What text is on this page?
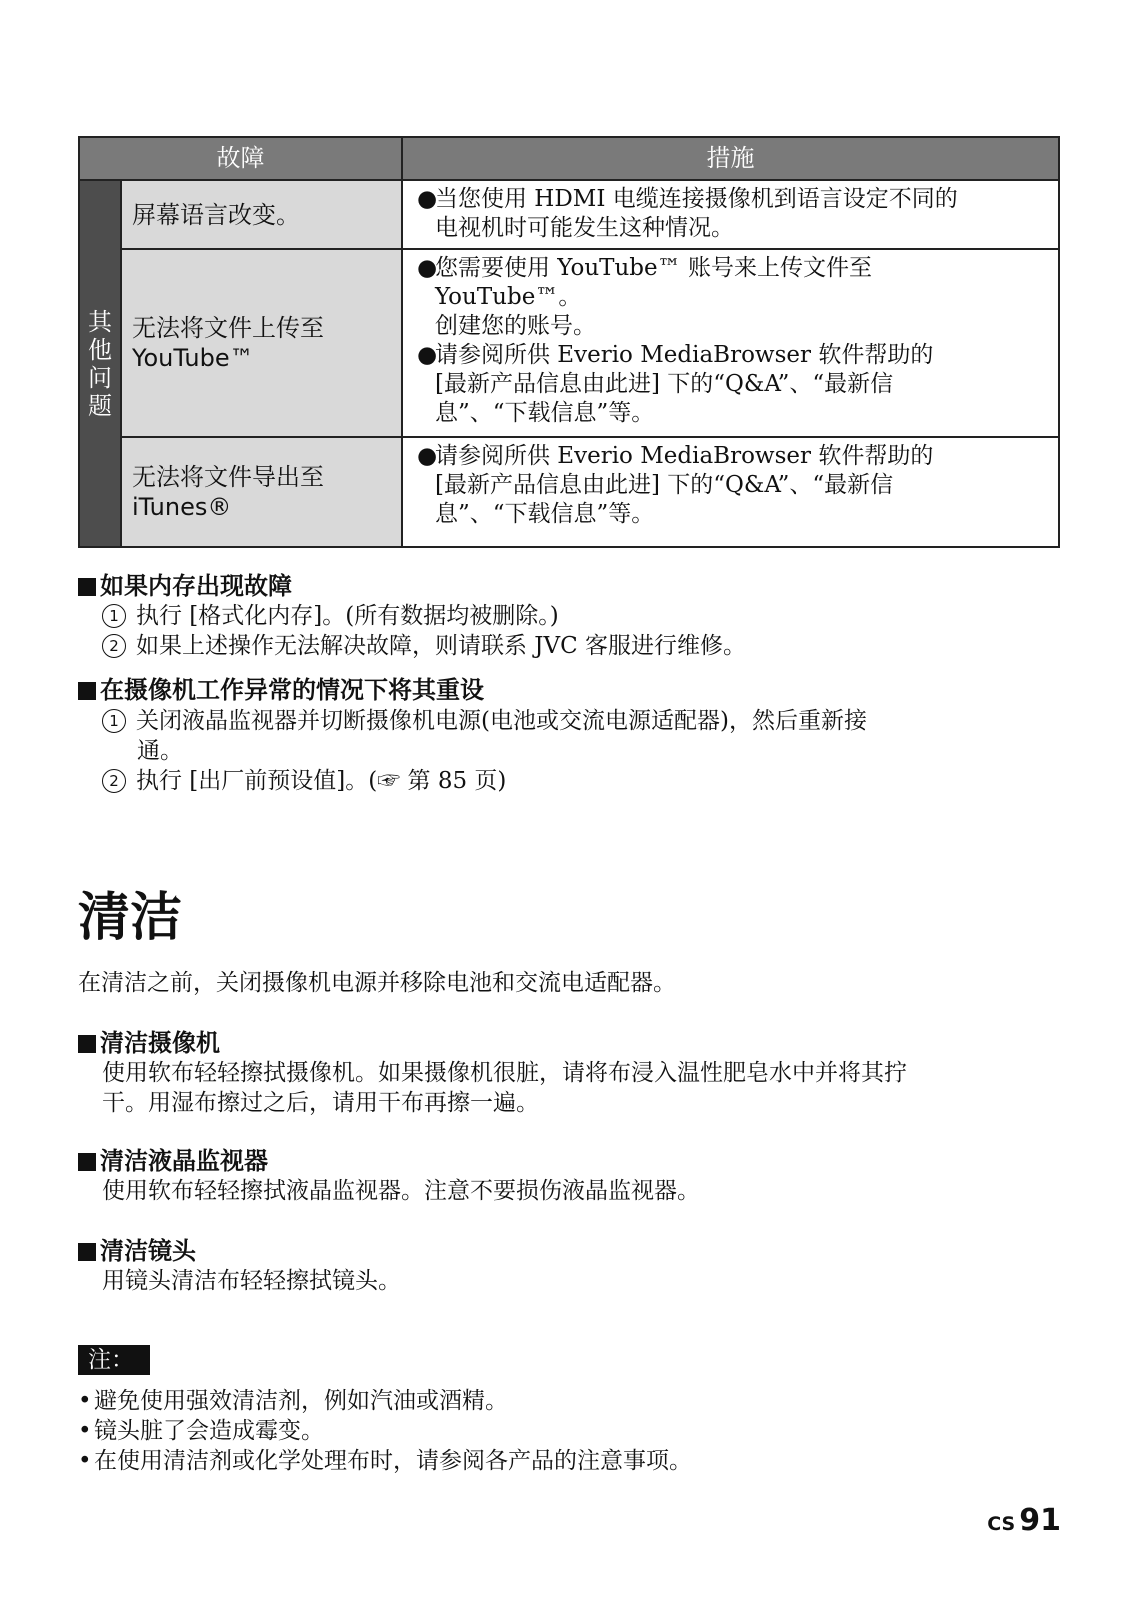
故障	措施
其他问题
屏幕语言改变。
●
当您使用 HDMI 电缆连接摄像机到语言设定不同的
电视机时可能发生这种情况。
无法将文件上传至
YouTube™
●
您需要使用 YouTube™ 账号来上传文件至
YouTube™。
创建您的账号。
●
请参阅所供 Everio MediaBrowser 软件帮助的
[最新产品信息由此进] 下的“Q&A”、“最新信
息”、“下载信息”等。
无法将文件导出至
iTunes®
●
请参阅所供 Everio MediaBrowser 软件帮助的
[最新产品信息由此进] 下的“Q&A”、“最新信
息”、“下载信息”等。
如果内存出现故障
1 执行 [格式化内存]。(所有数据均被删除。)
2 如果上述操作无法解决故障，则请联系 JVC 客服进行维修。
在摄像机工作异常的情况下将其重设
1 关闭液晶监视器并切断摄像机电源(电池或交流电源适配器)，然后重新接
通。
2 执行 [出厂前预设值]。(☞ 第 85 页)
清洁
在清洁之前，关闭摄像机电源并移除电池和交流电适配器。
清洁摄像机
使用软布轻轻擦拭摄像机。如果摄像机很脏，请将布浸入温性肥皂水中并将其拧
干。用湿布擦过之后，请用干布再擦一遍。
清洁液晶监视器
使用软布轻轻擦拭液晶监视器。注意不要损伤液晶监视器。
清洁镜头
用镜头清洁布轻轻擦拭镜头。
注：
• 避免使用强效清洁剂，例如汽油或酒精。
• 镜头脏了会造成霉变。
• 在使用清洁剂或化学处理布时，请参阅各产品的注意事项。
CS 91
